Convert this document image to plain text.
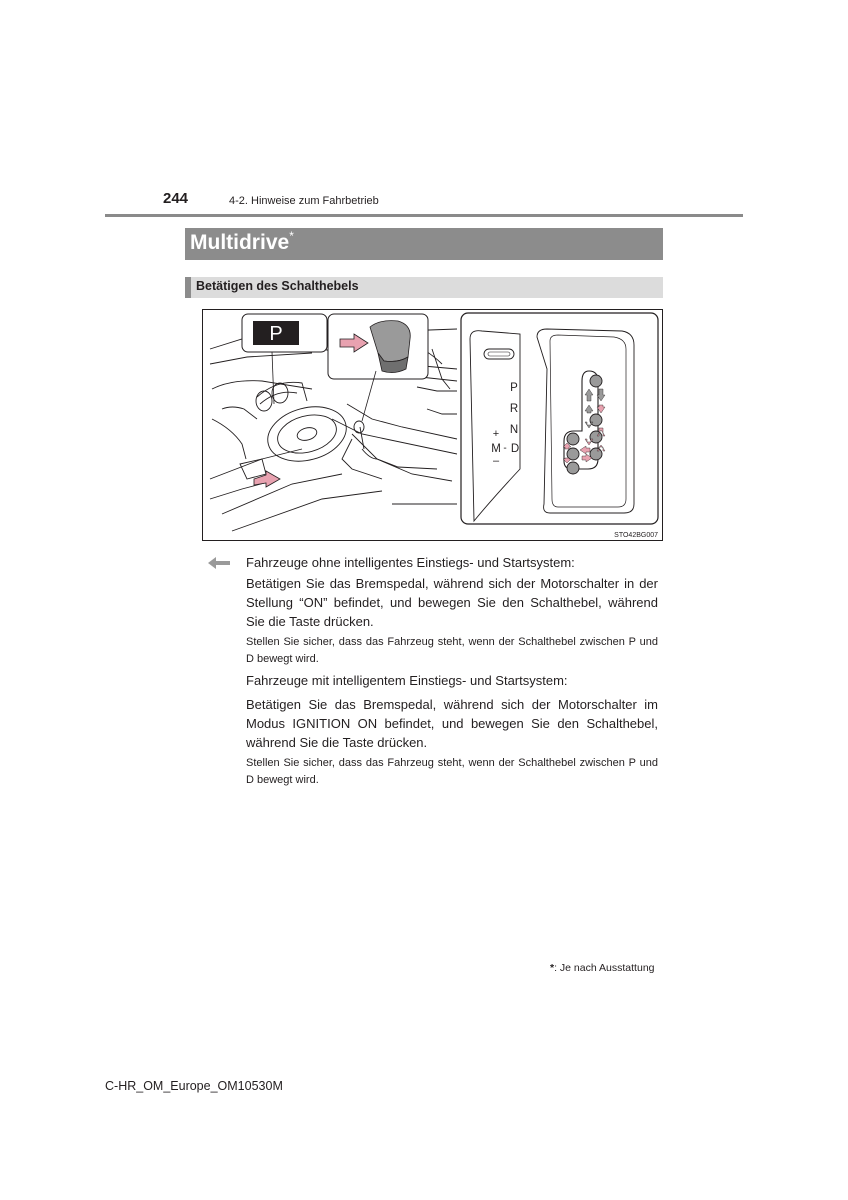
244	4-2. Hinweise zum Fahrbetrieb
Multidrive*
Betätigen des Schalthebels
P
P
R
N
D
+
M -
–
STO42BG007
Fahrzeuge ohne intelligentes Einstiegs- und Startsystem:
Betätigen Sie das Bremspedal, während sich der Motorschalter in der Stellung “ON” befindet, und bewegen Sie den Schalthebel, während Sie die Taste drücken.
Stellen Sie sicher, dass das Fahrzeug steht, wenn der Schalthebel zwischen P und D bewegt wird.
Fahrzeuge mit intelligentem Einstiegs- und Startsystem:
Betätigen Sie das Bremspedal, während sich der Motorschalter im Modus IGNITION ON befindet, und bewegen Sie den Schalthebel, während Sie die Taste drücken.
Stellen Sie sicher, dass das Fahrzeug steht, wenn der Schalthebel zwischen P und D bewegt wird.
*: Je nach Ausstattung
C-HR_OM_Europe_OM10530M
